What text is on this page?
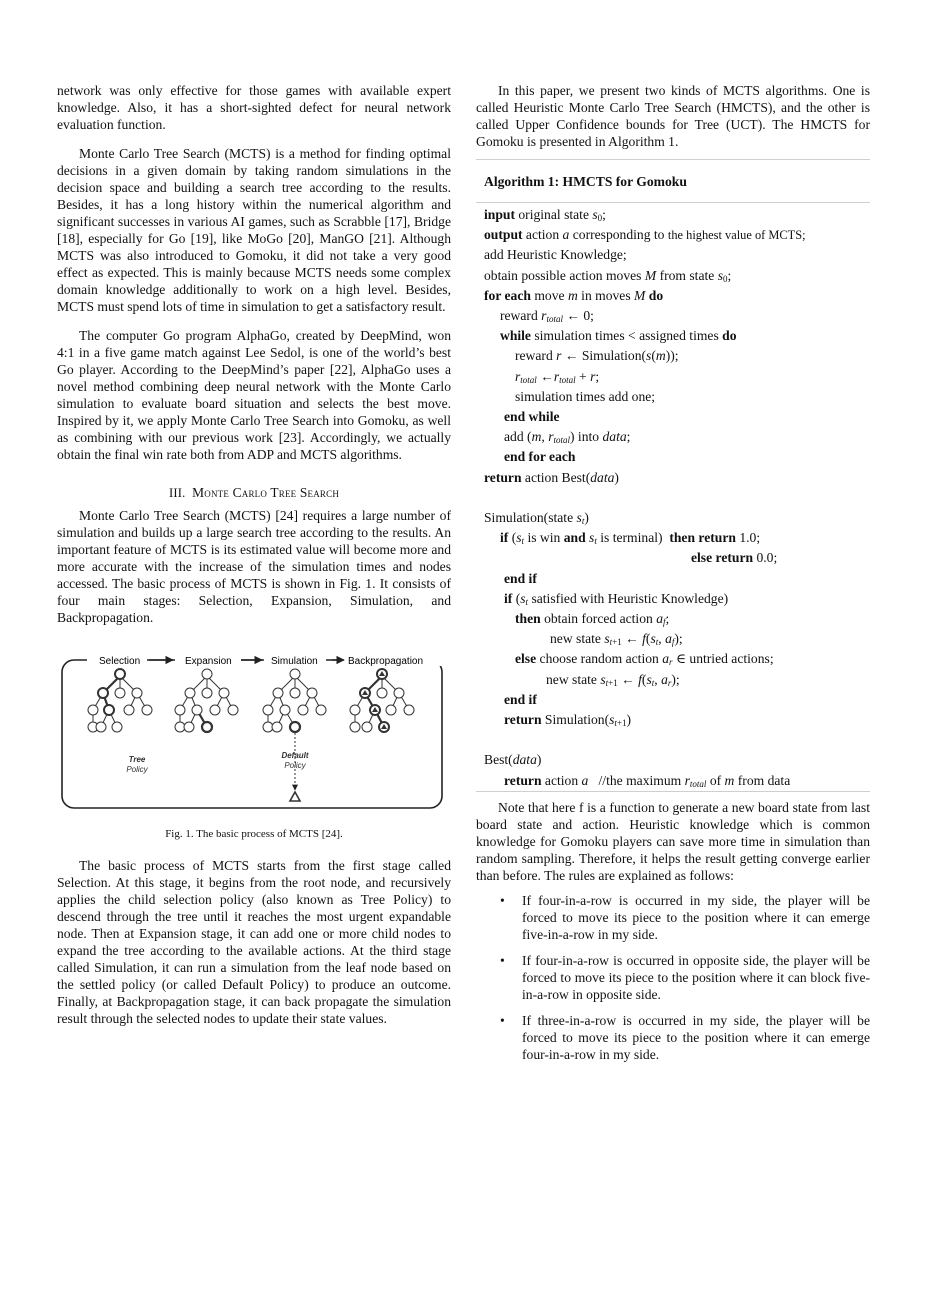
network was only effective for those games with available expert knowledge. Also, it has a short-sighted defect for neural network evaluation function.

Monte Carlo Tree Search (MCTS) is a method for finding optimal decisions in a given domain by taking random simulations in the decision space and building a search tree according to the results. Besides, it has a long history within the numerical algorithm and significant successes in various AI games, such as Scrabble [17], Bridge [18], especially for Go [19], like MoGo [20], ManGO [21]. Although MCTS was also introduced to Gomoku, it did not take a very good effect as expected. This is mainly because MCTS needs some complex domain knowledge additionally to work on a high level. Besides, MCTS must spend lots of time in simulation to get a satisfactory result.

The computer Go program AlphaGo, created by DeepMind, won 4:1 in a five game match against Lee Sedol, is one of the world’s best Go player. According to the DeepMind’s paper [22], AlphaGo uses a novel method combining deep neural network with the Monte Carlo simulation to evaluate board situation and selects the best move. Inspired by it, we apply Monte Carlo Tree Search into Gomoku, as well as combining with our previous work [23]. Accordingly, we actually obtain the final win rate both from ADP and MCTS algorithms.

III. Monte Carlo Tree Search

Monte Carlo Tree Search (MCTS) [24] requires a large number of simulation and builds up a large search tree according to the results. An important feature of MCTS is its estimated value will become more and more accurate with the increase of the simulation times and nodes accessed. The basic process of MCTS is shown in Fig. 1. It consists of four main stages: Selection, Expansion, Simulation, and Backpropagation.

Selection	Expansion	Simulation	Backpropagation
Tree
Policy
Default
Policy
Fig. 1. The basic process of MCTS [24].

The basic process of MCTS starts from the first stage called Selection. At this stage, it begins from the root node, and recursively applies the child selection policy (also known as Tree Policy) to descend through the tree until it reaches the most urgent expandable node. Then at Expansion stage, it can add one or more child nodes to expand the tree according to the available actions. At the third stage called Simulation, it can run a simulation from the leaf node based on the settled policy (or called Default Policy) to produce an outcome. Finally, at Backpropagation stage, it can back propagate the simulation result through the selected nodes to update their state values.

In this paper, we present two kinds of MCTS algorithms. One is called Heuristic Monte Carlo Tree Search (HMCTS), and the other is called Upper Confidence bounds for Tree (UCT). The HMCTS for Gomoku is presented in Algorithm 1.

Algorithm 1: HMCTS for Gomoku
input original state $s_0$;
output action a corresponding to the highest value of MCTS;
add Heuristic Knowledge;
obtain possible action moves M from state $s_0$;
for each move m in moves M do
reward $r_{total}$ ← 0;
while simulation times < assigned times do
reward r ← Simulation(s(m));
$r_{total}$ $\leftarrow r_{total} + r$;
simulation times add one;
end while
add (m, $r_{total}$) into data;
end for each
return action Best(data)

Simulation(state $s_t$)
if ($s_t$ is win and $s_t$ is terminal)  then return 1.0;
else return 0.0;
end if
if ($s_t$ satisfied with Heuristic Knowledge)
then obtain forced action $a_f$;
new state $s_{t+1}$ ← $f(s_t$, $a_f$);
else choose random action $a_r$ ∈ untried actions;
new state $s_{t+1}$ ← $f(s_t$, $a_r$);
end if
return $Simulation(s_{t+1})$

Best(data)
return action a   //the maximum $r_{total}$ of m from data

Note that here f is a function to generate a new board state from last board state and action. Heuristic knowledge which is common knowledge for Gomoku players can save more time in simulation than random sampling. Therefore, it helps the result getting converge earlier than before. The rules are explained as follows:

• If four-in-a-row is occurred in my side, the player will be forced to move its piece to the position where it can emerge five-in-a-row in my side.
• If four-in-a-row is occurred in opposite side, the player will be forced to move its piece to the position where it can block five-in-a-row in opposite side.
• If three-in-a-row is occurred in my side, the player will be forced to move its piece to the position where it can emerge four-in-a-row in my side.
